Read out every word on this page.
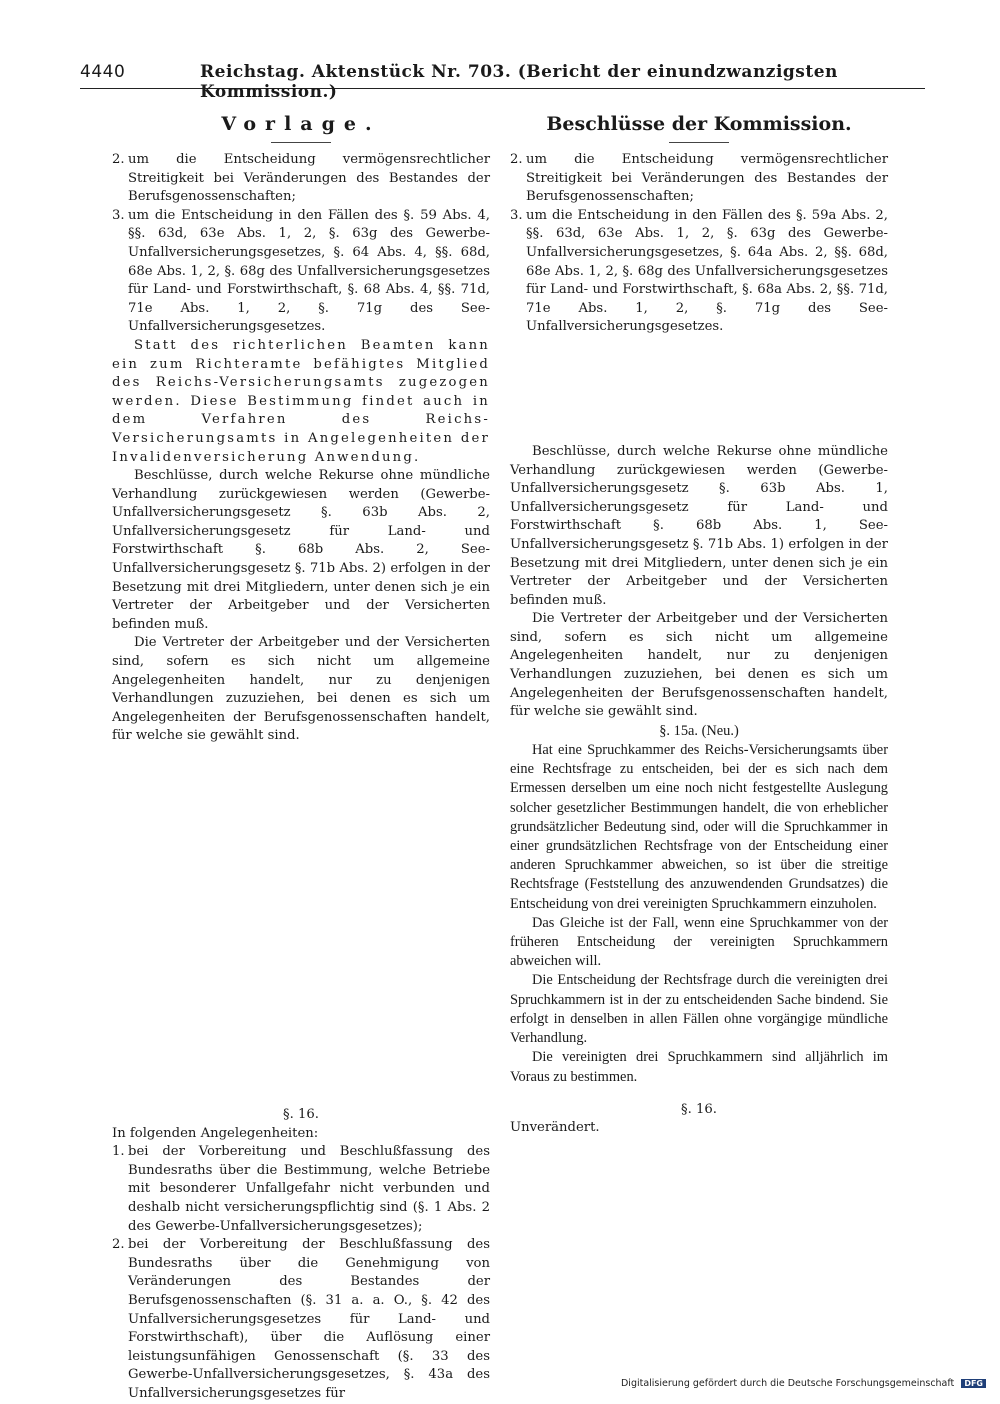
4440	Reichstag. Aktenstück Nr. 703. (Bericht der einundzwanzigsten Kommission.)
Vorlage.
2. um die Entscheidung vermögensrechtlicher Streitigkeit bei Veränderungen des Bestandes der Berufsgenossenschaften;
3. um die Entscheidung in den Fällen des §. 59 Abs. 4, §§. 63d, 63e Abs. 1, 2, §. 63g des Gewerbe-Unfallversicherungsgesetzes, §. 64 Abs. 4, §§. 68d, 68e Abs. 1, 2, §. 68g des Unfallversicherungsgesetzes für Land- und Forstwirthschaft, §. 68 Abs. 4, §§. 71d, 71e Abs. 1, 2, §. 71g des See-Unfallversicherungsgesetzes.

Statt des richterlichen Beamten kann ein zum Richteramte befähigtes Mitglied des Reichs-Versicherungsamts zugezogen werden. Diese Bestimmung findet auch in dem Verfahren des Reichs-Versicherungsamts in Angelegenheiten der Invalidenversicherung Anwendung.

Beschlüsse, durch welche Rekurse ohne mündliche Verhandlung zurückgewiesen werden (Gewerbe-Unfallversicherungsgesetz §. 63b Abs. 2, Unfallversicherungsgesetz für Land- und Forstwirthschaft §. 68b Abs. 2, See-Unfallversicherungsgesetz §. 71b Abs. 2) erfolgen in der Besetzung mit drei Mitgliedern, unter denen sich je ein Vertreter der Arbeitgeber und der Versicherten befinden muß.

Die Vertreter der Arbeitgeber und der Versicherten sind, sofern es sich nicht um allgemeine Angelegenheiten handelt, nur zu denjenigen Verhandlungen zuzuziehen, bei denen es sich um Angelegenheiten der Berufsgenossenschaften handelt, für welche sie gewählt sind.

§. 16.

In folgenden Angelegenheiten:

1. bei der Vorbereitung und Beschlußfassung des Bundesraths über die Bestimmung, welche Betriebe mit besonderer Unfallgefahr nicht verbunden und deshalb nicht versicherungspflichtig sind (§. 1 Abs. 2 des Gewerbe-Unfallversicherungsgesetzes);
2. bei der Vorbereitung der Beschlußfassung des Bundesraths über die Genehmigung von Veränderungen des Bestandes der Berufsgenossenschaften (§. 31 a. a. O., §. 42 des Unfallversicherungsgesetzes für Land- und Forstwirthschaft), über die Auflösung einer leistungsunfähigen Genossenschaft (§. 33 des Gewerbe-Unfallversicherungsgesetzes, §. 43a des Unfallversicherungsgesetzes für
Beschlüsse der Kommission.
2. um die Entscheidung vermögensrechtlicher Streitigkeit bei Veränderungen des Bestandes der Berufsgenossenschaften;
3. um die Entscheidung in den Fällen des §. 59a Abs. 2, §§. 63d, 63e Abs. 1, 2, §. 63g des Gewerbe-Unfallversicherungsgesetzes, §. 64a Abs. 2, §§. 68d, 68e Abs. 1, 2, §. 68g des Unfallversicherungsgesetzes für Land- und Forstwirthschaft, §. 68a Abs. 2, §§. 71d, 71e Abs. 1, 2, §. 71g des See-Unfallversicherungsgesetzes.

Beschlüsse, durch welche Rekurse ohne mündliche Verhandlung zurückgewiesen werden (Gewerbe-Unfallversicherungsgesetz §. 63b Abs. 1, Unfallversicherungsgesetz für Land- und Forstwirthschaft §. 68b Abs. 1, See-Unfallversicherungsgesetz §. 71b Abs. 1) erfolgen in der Besetzung mit drei Mitgliedern, unter denen sich je ein Vertreter der Arbeitgeber und der Versicherten befinden muß.

Die Vertreter der Arbeitgeber und der Versicherten sind, sofern es sich nicht um allgemeine Angelegenheiten handelt, nur zu denjenigen Verhandlungen zuzuziehen, bei denen es sich um Angelegenheiten der Berufsgenossenschaften handelt, für welche sie gewählt sind.

§. 15a. (Neu.)

Hat eine Spruchkammer des Reichs-Versicherungsamts über eine Rechtsfrage zu entscheiden, bei der es sich nach dem Ermessen derselben um eine noch nicht festgestellte Auslegung solcher gesetzlicher Bestimmungen handelt, die von erheblicher grundsätzlicher Bedeutung sind, oder will die Spruchkammer in einer grundsätzlichen Rechtsfrage von der Entscheidung einer anderen Spruchkammer abweichen, so ist über die streitige Rechtsfrage (Feststellung des anzuwendenden Grundsatzes) die Entscheidung von drei vereinigten Spruchkammern einzuholen.

Das Gleiche ist der Fall, wenn eine Spruchkammer von der früheren Entscheidung der vereinigten Spruchkammern abweichen will.

Die Entscheidung der Rechtsfrage durch die vereinigten drei Spruchkammern ist in der zu entscheidenden Sache bindend. Sie erfolgt in denselben in allen Fällen ohne vorgängige mündliche Verhandlung.

Die vereinigten drei Spruchkammern sind alljährlich im Voraus zu bestimmen.

§. 16.

Unverändert.

Digitalisierung gefördert durch die Deutsche Forschungsgemeinschaft DFG
